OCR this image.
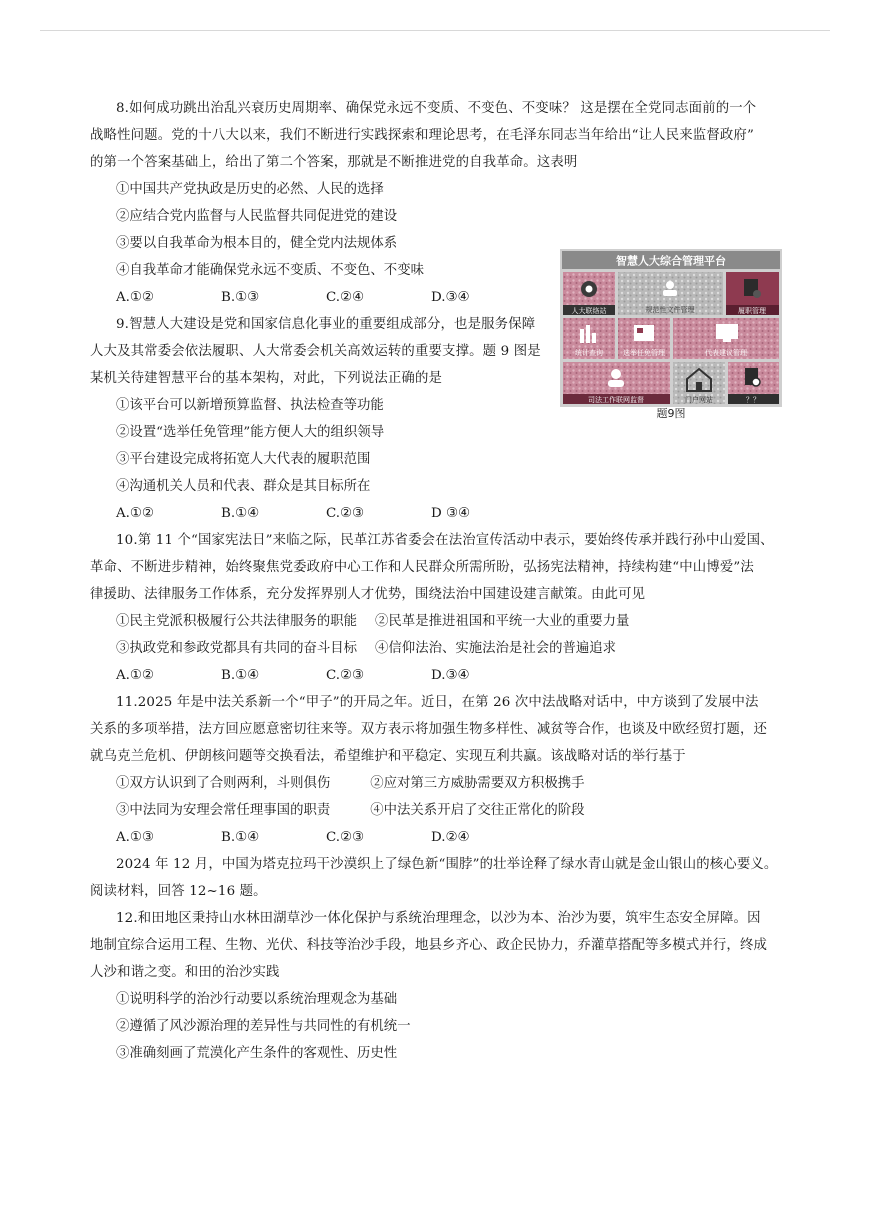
8.如何成功跳出治乱兴衰历史周期率、确保党永远不变质、不变色、不变味？ 这是摆在全党同志面前的一个

战略性问题。党的十八大以来，我们不断进行实践探索和理论思考，在毛泽东同志当年给出“让人民来监督政府”

的第一个答案基础上，给出了第二个答案，那就是不断推进党的自我革命。这表明

①中国共产党执政是历史的必然、人民的选择

②应结合党内监督与人民监督共同促进党的建设

③要以自我革命为根本目的，健全党内法规体系

④自我革命才能确保党永远不变质、不变色、不变味

A.①②	B.①③	C.②④	D.③④

9.智慧人大建设是党和国家信息化事业的重要组成部分，也是服务保障

人大及其常委会依法履职、人大常委会机关高效运转的重要支撑。题 9 图是

某机关待建智慧平台的基本架构，对此，下列说法正确的是

①该平台可以新增预算监督、执法检查等功能

②设置“选举任免管理”能方便人大的组织领导

③平台建设完成将拓宽人大代表的履职范围

④沟通机关人员和代表、群众是其目标所在

A.①②	B.①④	C.②③	D ③④

10.第 11 个“国家宪法日”来临之际，民革江苏省委会在法治宣传活动中表示，要始终传承并践行孙中山爱国、

革命、不断进步精神，始终聚焦党委政府中心工作和人民群众所需所盼，弘扬宪法精神，持续构建“中山博爱”法

律援助、法律服务工作体系，充分发挥界别人才优势，围绕法治中国建设建言献策。由此可见

①民主党派积极履行公共法律服务的职能 ②民革是推进祖国和平统一大业的重要力量

③执政党和参政党都具有共同的奋斗目标 ④信仰法治、实施法治是社会的普遍追求

A.①②	B.①④	C.②③	D.③④

11.2025 年是中法关系新一个“甲子”的开局之年。近日，在第 26 次中法战略对话中，中方谈到了发展中法

关系的多项举措，法方回应愿意密切往来等。双方表示将加强生物多样性、减贫等合作，也谈及中欧经贸打题，还

就乌克兰危机、伊朗核问题等交换看法，希望维护和平稳定、实现互利共赢。该战略对话的举行基于

①双方认识到了合则两利，斗则俱伤	②应对第三方威胁需要双方积极携手

③中法同为安理会常任理事国的职责	④中法关系开启了交往正常化的阶段

A.①③	B.①④	C.②③	D.②④

2024 年 12 月，中国为塔克拉玛干沙漠织上了绿色新“围脖”的壮举诠释了绿水青山就是金山银山的核心要义。

阅读材料，回答 12~16 题。

12.和田地区秉持山水林田湖草沙一体化保护与系统治理理念，以沙为本、治沙为要，筑牢生态安全屏障。因

地制宜综合运用工程、生物、光伏、科技等治沙手段，地县乡齐心、政企民协力，乔灌草搭配等多模式并行，终成

人沙和谐之变。和田的治沙实践

①说明科学的治沙行动要以系统治理观念为基础

②遵循了风沙源治理的差异性与共同性的有机统一

③准确刻画了荒漠化产生条件的客观性、历史性

智慧人大综合管理平台
人大联络站	规范性文件管理	履职管理
统计查询	选举任免管理	代表建议管理
司法工作联网监督	门户网站	？？
题9图
